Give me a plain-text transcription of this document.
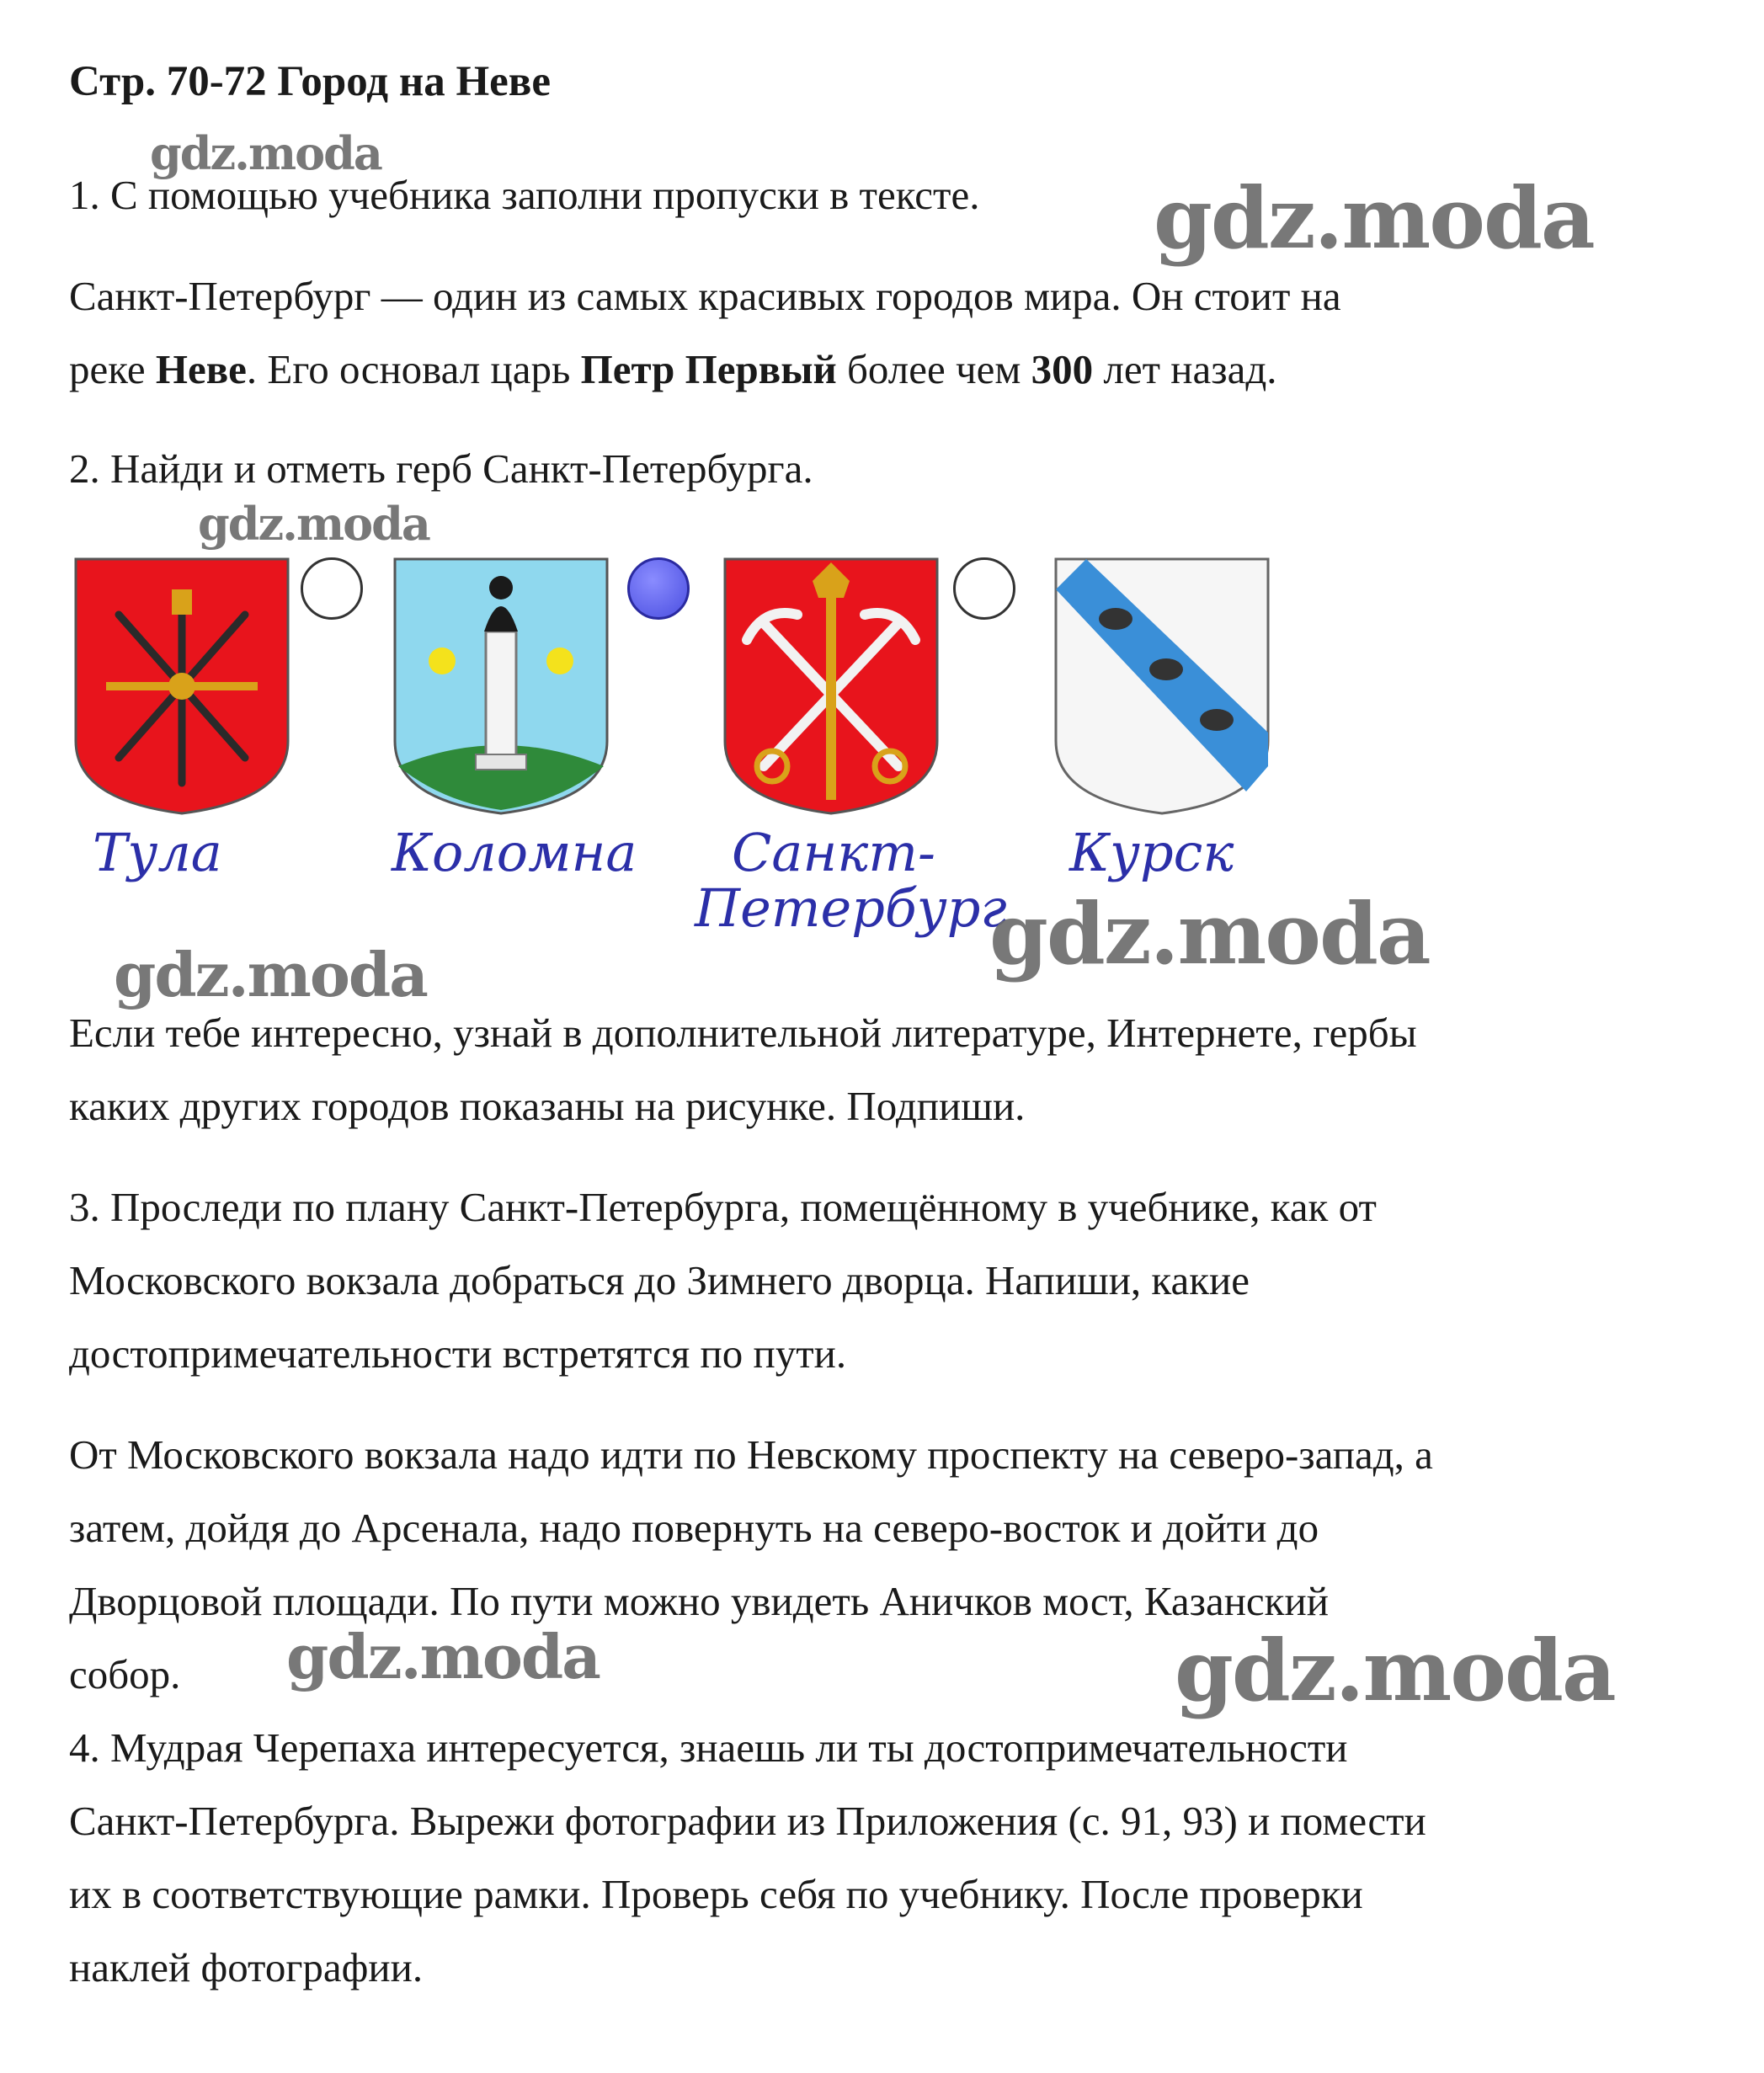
Стр. 70-72 Город на Неве

1. С помощью учебника заполни пропуски в тексте.

Санкт-Петербург — один из самых красивых городов мира. Он стоит на

реке Неве. Его основал царь Петр Первый более чем 300 лет назад.

2. Найди и отметь герб Санкт-Петербурга.

Тула	Коломна	Санкт-
Петербург
Курск

Если тебе интересно, узнай в дополнительной литературе, Интернете, гербы

каких других городов показаны на рисунке. Подпиши.

3. Проследи по плану Санкт-Петербурга, помещённому в учебнике, как от

Московского вокзала добраться до Зимнего дворца. Напиши, какие

достопримечательности встретятся по пути.

От Московского вокзала надо идти по Невскому проспекту на северо-запад, а

затем, дойдя до Арсенала, надо повернуть на северо-восток и дойти до

Дворцовой площади. По пути можно увидеть Аничков мост, Казанский

собор.

4. Мудрая Черепаха интересуется, знаешь ли ты достопримечательности

Санкт-Петербурга. Вырежи фотографии из Приложения (с. 91, 93) и помести

их в соответствующие рамки. Проверь себя по учебнику. После проверки

наклей фотографии.

gdz.moda
gdz.moda
gdz.moda
gdz.moda
gdz.moda
gdz.moda	gdz.moda
